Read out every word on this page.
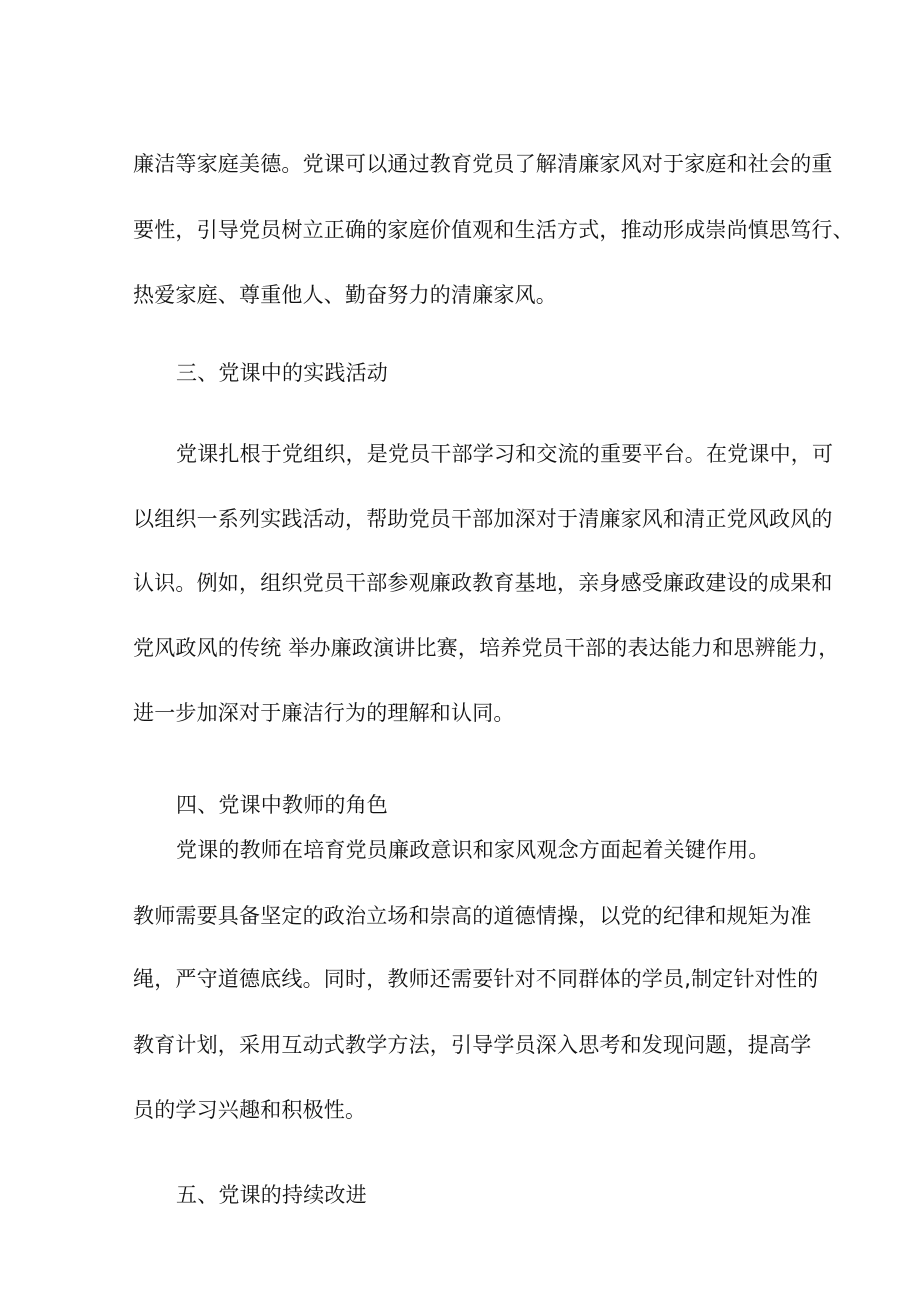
廉洁等家庭美德。党课可以通过教育党员了解清廉家风对于家庭和社会的重
要性，引导党员树立正确的家庭价值观和生活方式，推动形成崇尚慎思笃行、
热爱家庭、尊重他人、勤奋努力的清廉家风。
三、党课中的实践活动
党课扎根于党组织，是党员干部学习和交流的重要平台。在党课中，可
以组织一系列实践活动，帮助党员干部加深对于清廉家风和清正党风政风的
认识。例如，组织党员干部参观廉政教育基地，亲身感受廉政建设的成果和
党风政风的传统 举办廉政演讲比赛，培养党员干部的表达能力和思辨能力，
进一步加深对于廉洁行为的理解和认同。
四、党课中教师的角色
党课的教师在培育党员廉政意识和家风观念方面起着关键作用。
教师需要具备坚定的政治立场和崇高的道德情操，以党的纪律和规矩为准
绳，严守道德底线。同时，教师还需要针对不同群体的学员,制定针对性的
教育计划，采用互动式教学方法，引导学员深入思考和发现问题，提高学
员的学习兴趣和积极性。
五、党课的持续改进
